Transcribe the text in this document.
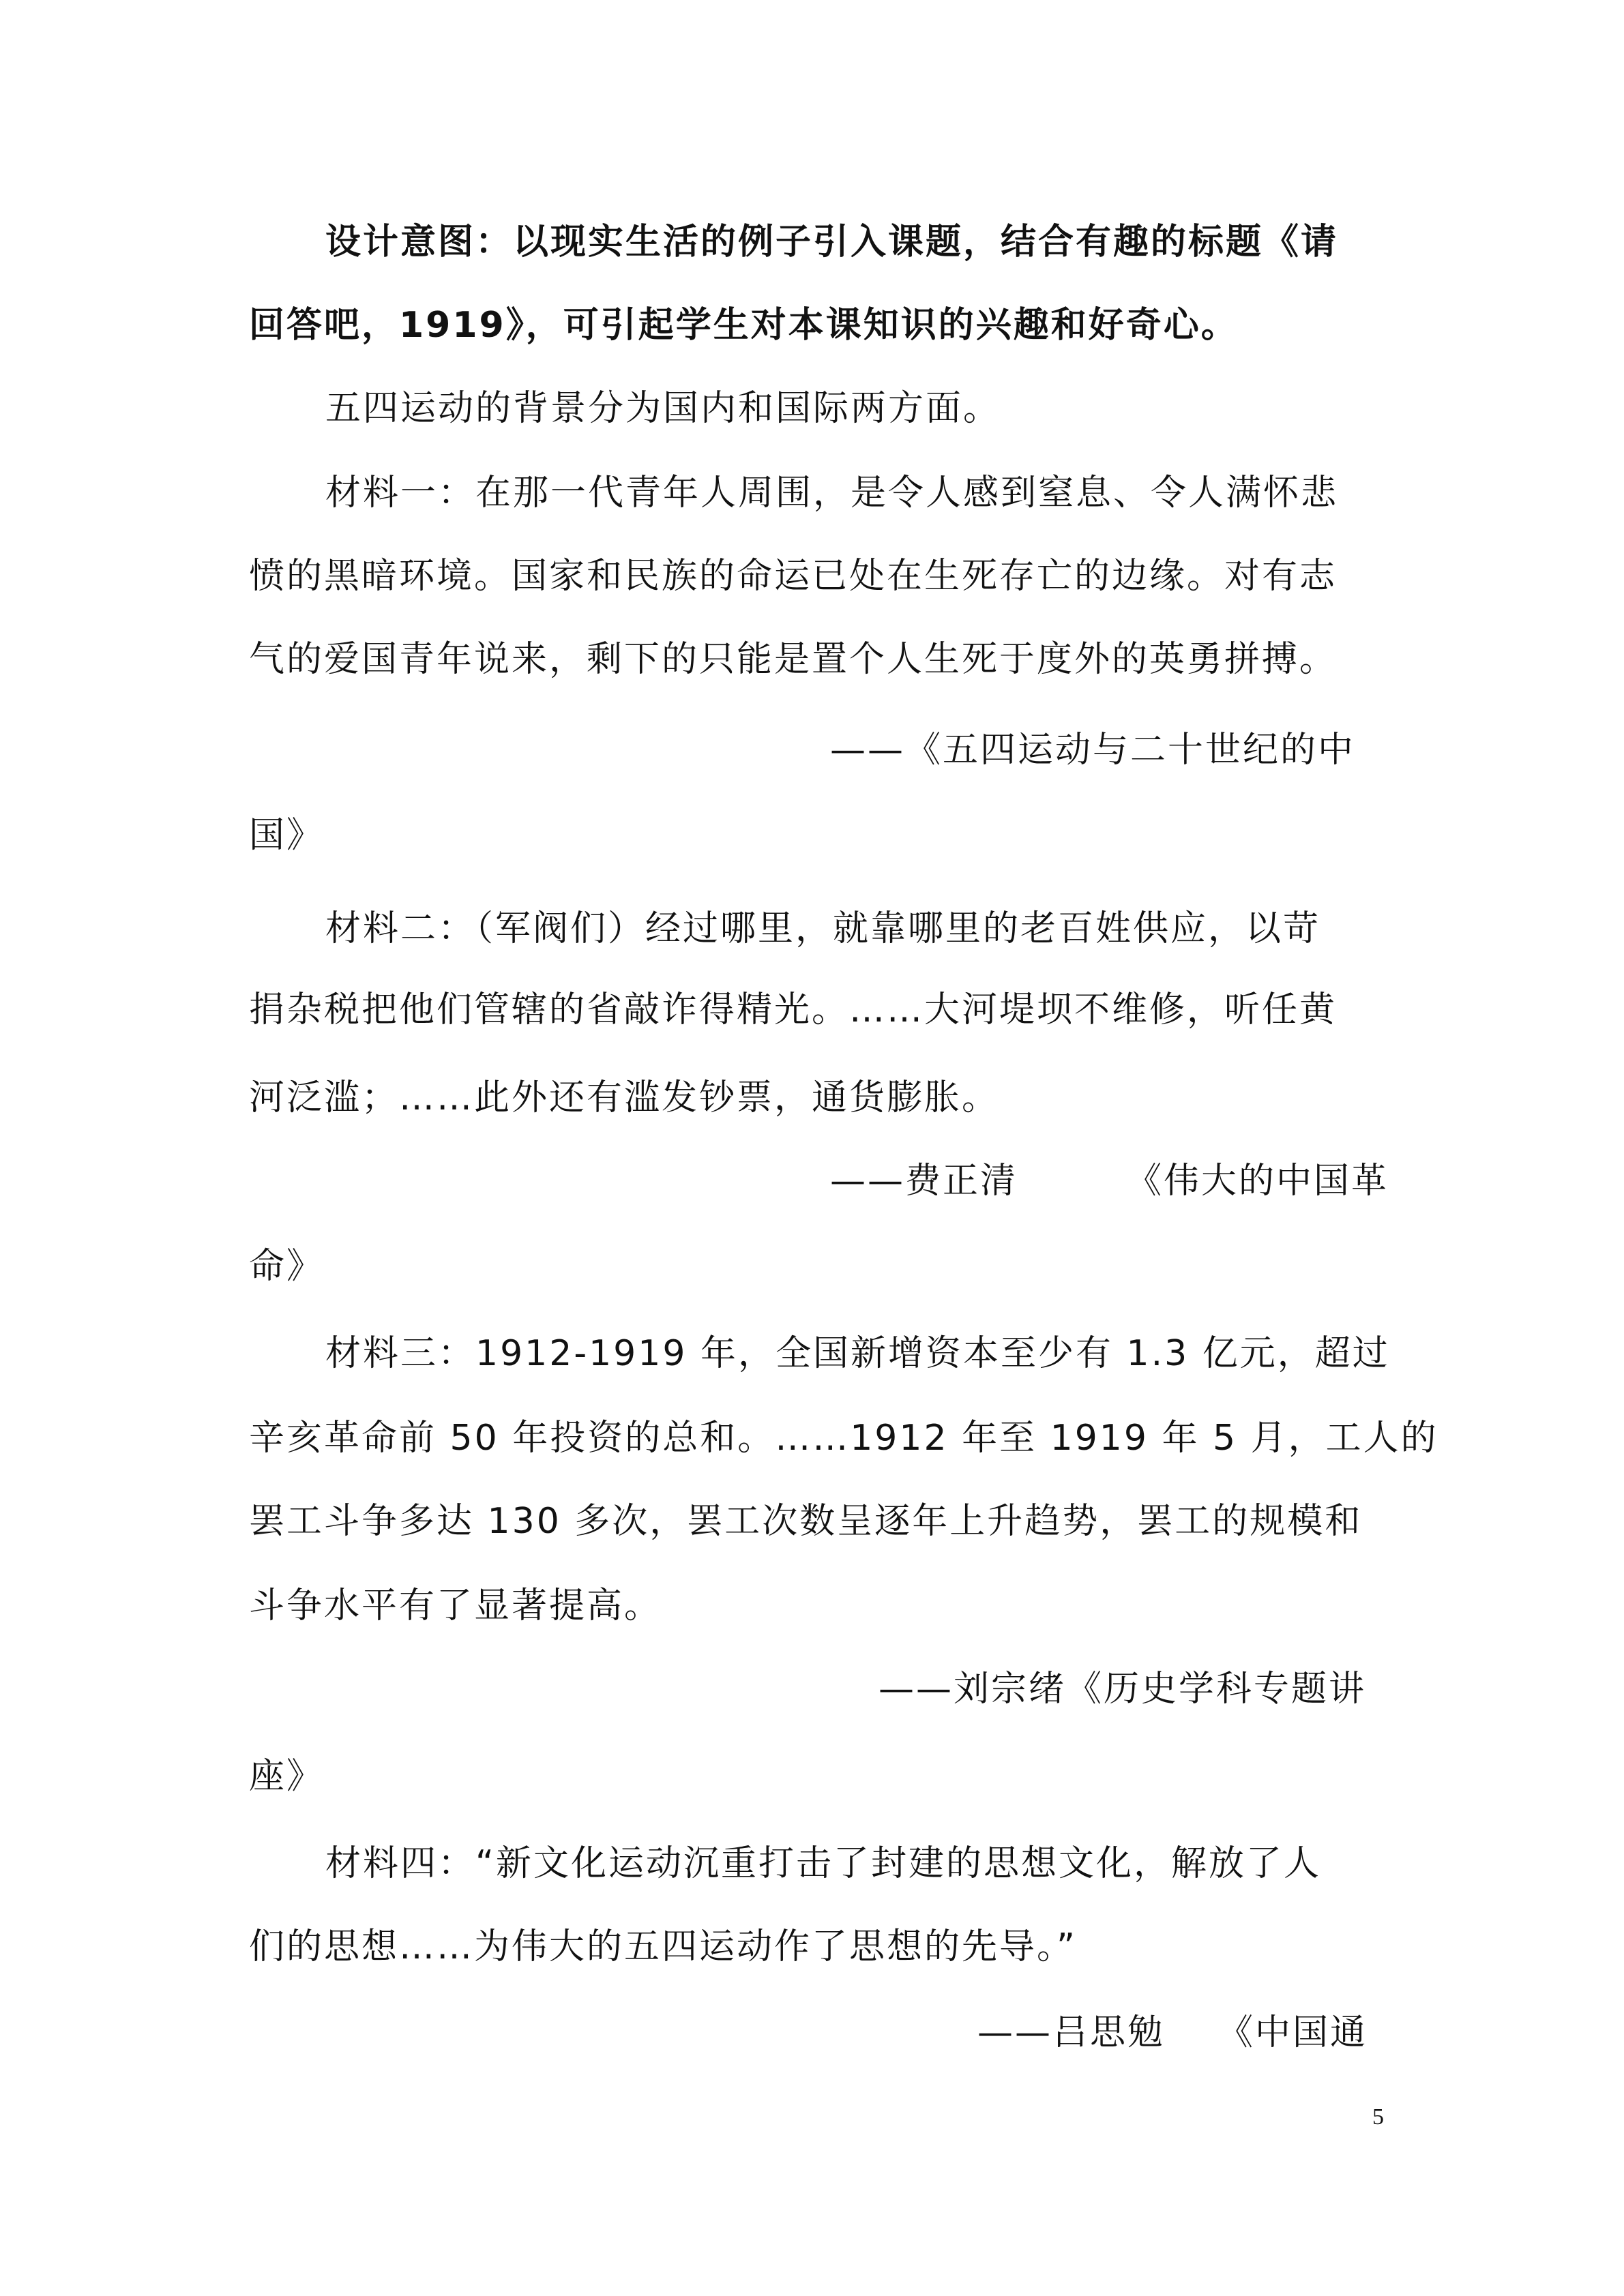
设计意图：以现实生活的例子引入课题，结合有趣的标题《请
回答吧，1919》，可引起学生对本课知识的兴趣和好奇心。
五四运动的背景分为国内和国际两方面。
材料一：在那一代青年人周围，是令人感到窒息、令人满怀悲
愤的黑暗环境。国家和民族的命运已处在生死存亡的边缘。对有志
气的爱国青年说来，剩下的只能是置个人生死于度外的英勇拼搏。
——《五四运动与二十世纪的中
国》
材料二：（军阀们）经过哪里，就靠哪里的老百姓供应，以苛
捐杂税把他们管辖的省敲诈得精光。……大河堤坝不维修，听任黄
河泛滥；……此外还有滥发钞票，通货膨胀。
——费正清	《伟大的中国革
命》
材料三：1912-1919 年，全国新增资本至少有 1.3 亿元，超过
辛亥革命前 50 年投资的总和。……1912 年至 1919 年 5 月，工人的
罢工斗争多达 130 多次，罢工次数呈逐年上升趋势，罢工的规模和
斗争水平有了显著提高。
——刘宗绪《历史学科专题讲
座》
材料四：“新文化运动沉重打击了封建的思想文化，解放了人
们的思想……为伟大的五四运动作了思想的先导。”
——吕思勉 《中国通
5
